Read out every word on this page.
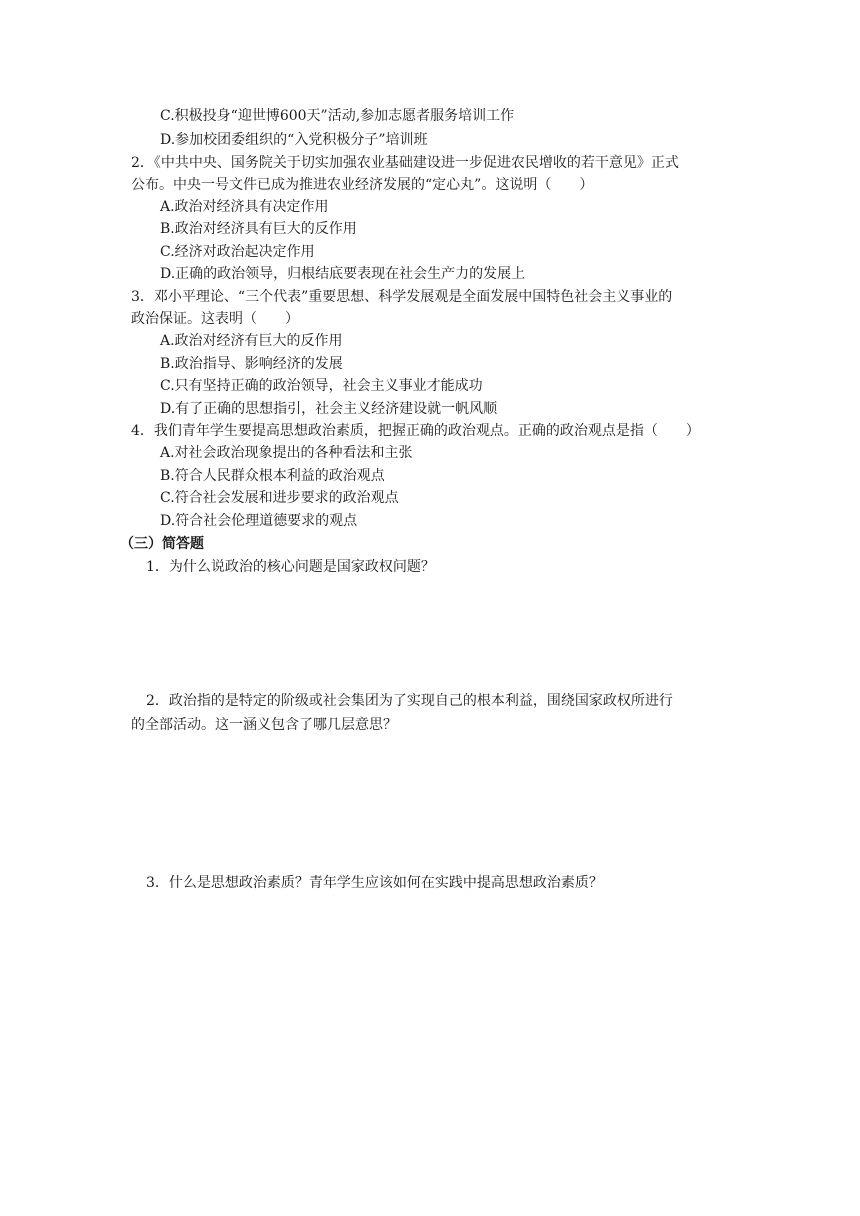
C.积极投身“迎世博600天”活动,参加志愿者服务培训工作
D.参加校团委组织的“入党积极分子”培训班
2．《中共中央、国务院关于切实加强农业基础建设进一步促进农民增收的若干意见》正式
公布。中央一号文件已成为推进农业经济发展的“定心丸”。这说明（　　）
A.政治对经济具有决定作用
B.政治对经济具有巨大的反作用
C.经济对政治起决定作用
D.正确的政治领导，归根结底要表现在社会生产力的发展上
3．邓小平理论、“三个代表”重要思想、科学发展观是全面发展中国特色社会主义事业的
政治保证。这表明（　　）
A.政治对经济有巨大的反作用
B.政治指导、影响经济的发展
C.只有坚持正确的政治领导，社会主义事业才能成功
D.有了正确的思想指引，社会主义经济建设就一帆风顺
4．我们青年学生要提高思想政治素质，把握正确的政治观点。正确的政治观点是指（　　）
A.对社会政治现象提出的各种看法和主张
B.符合人民群众根本利益的政治观点
C.符合社会发展和进步要求的政治观点
D.符合社会伦理道德要求的观点
（三）简答题
1．为什么说政治的核心问题是国家政权问题？
2．政治指的是特定的阶级或社会集团为了实现自己的根本利益，围绕国家政权所进行
的全部活动。这一涵义包含了哪几层意思？
3．什么是思想政治素质？青年学生应该如何在实践中提高思想政治素质？
